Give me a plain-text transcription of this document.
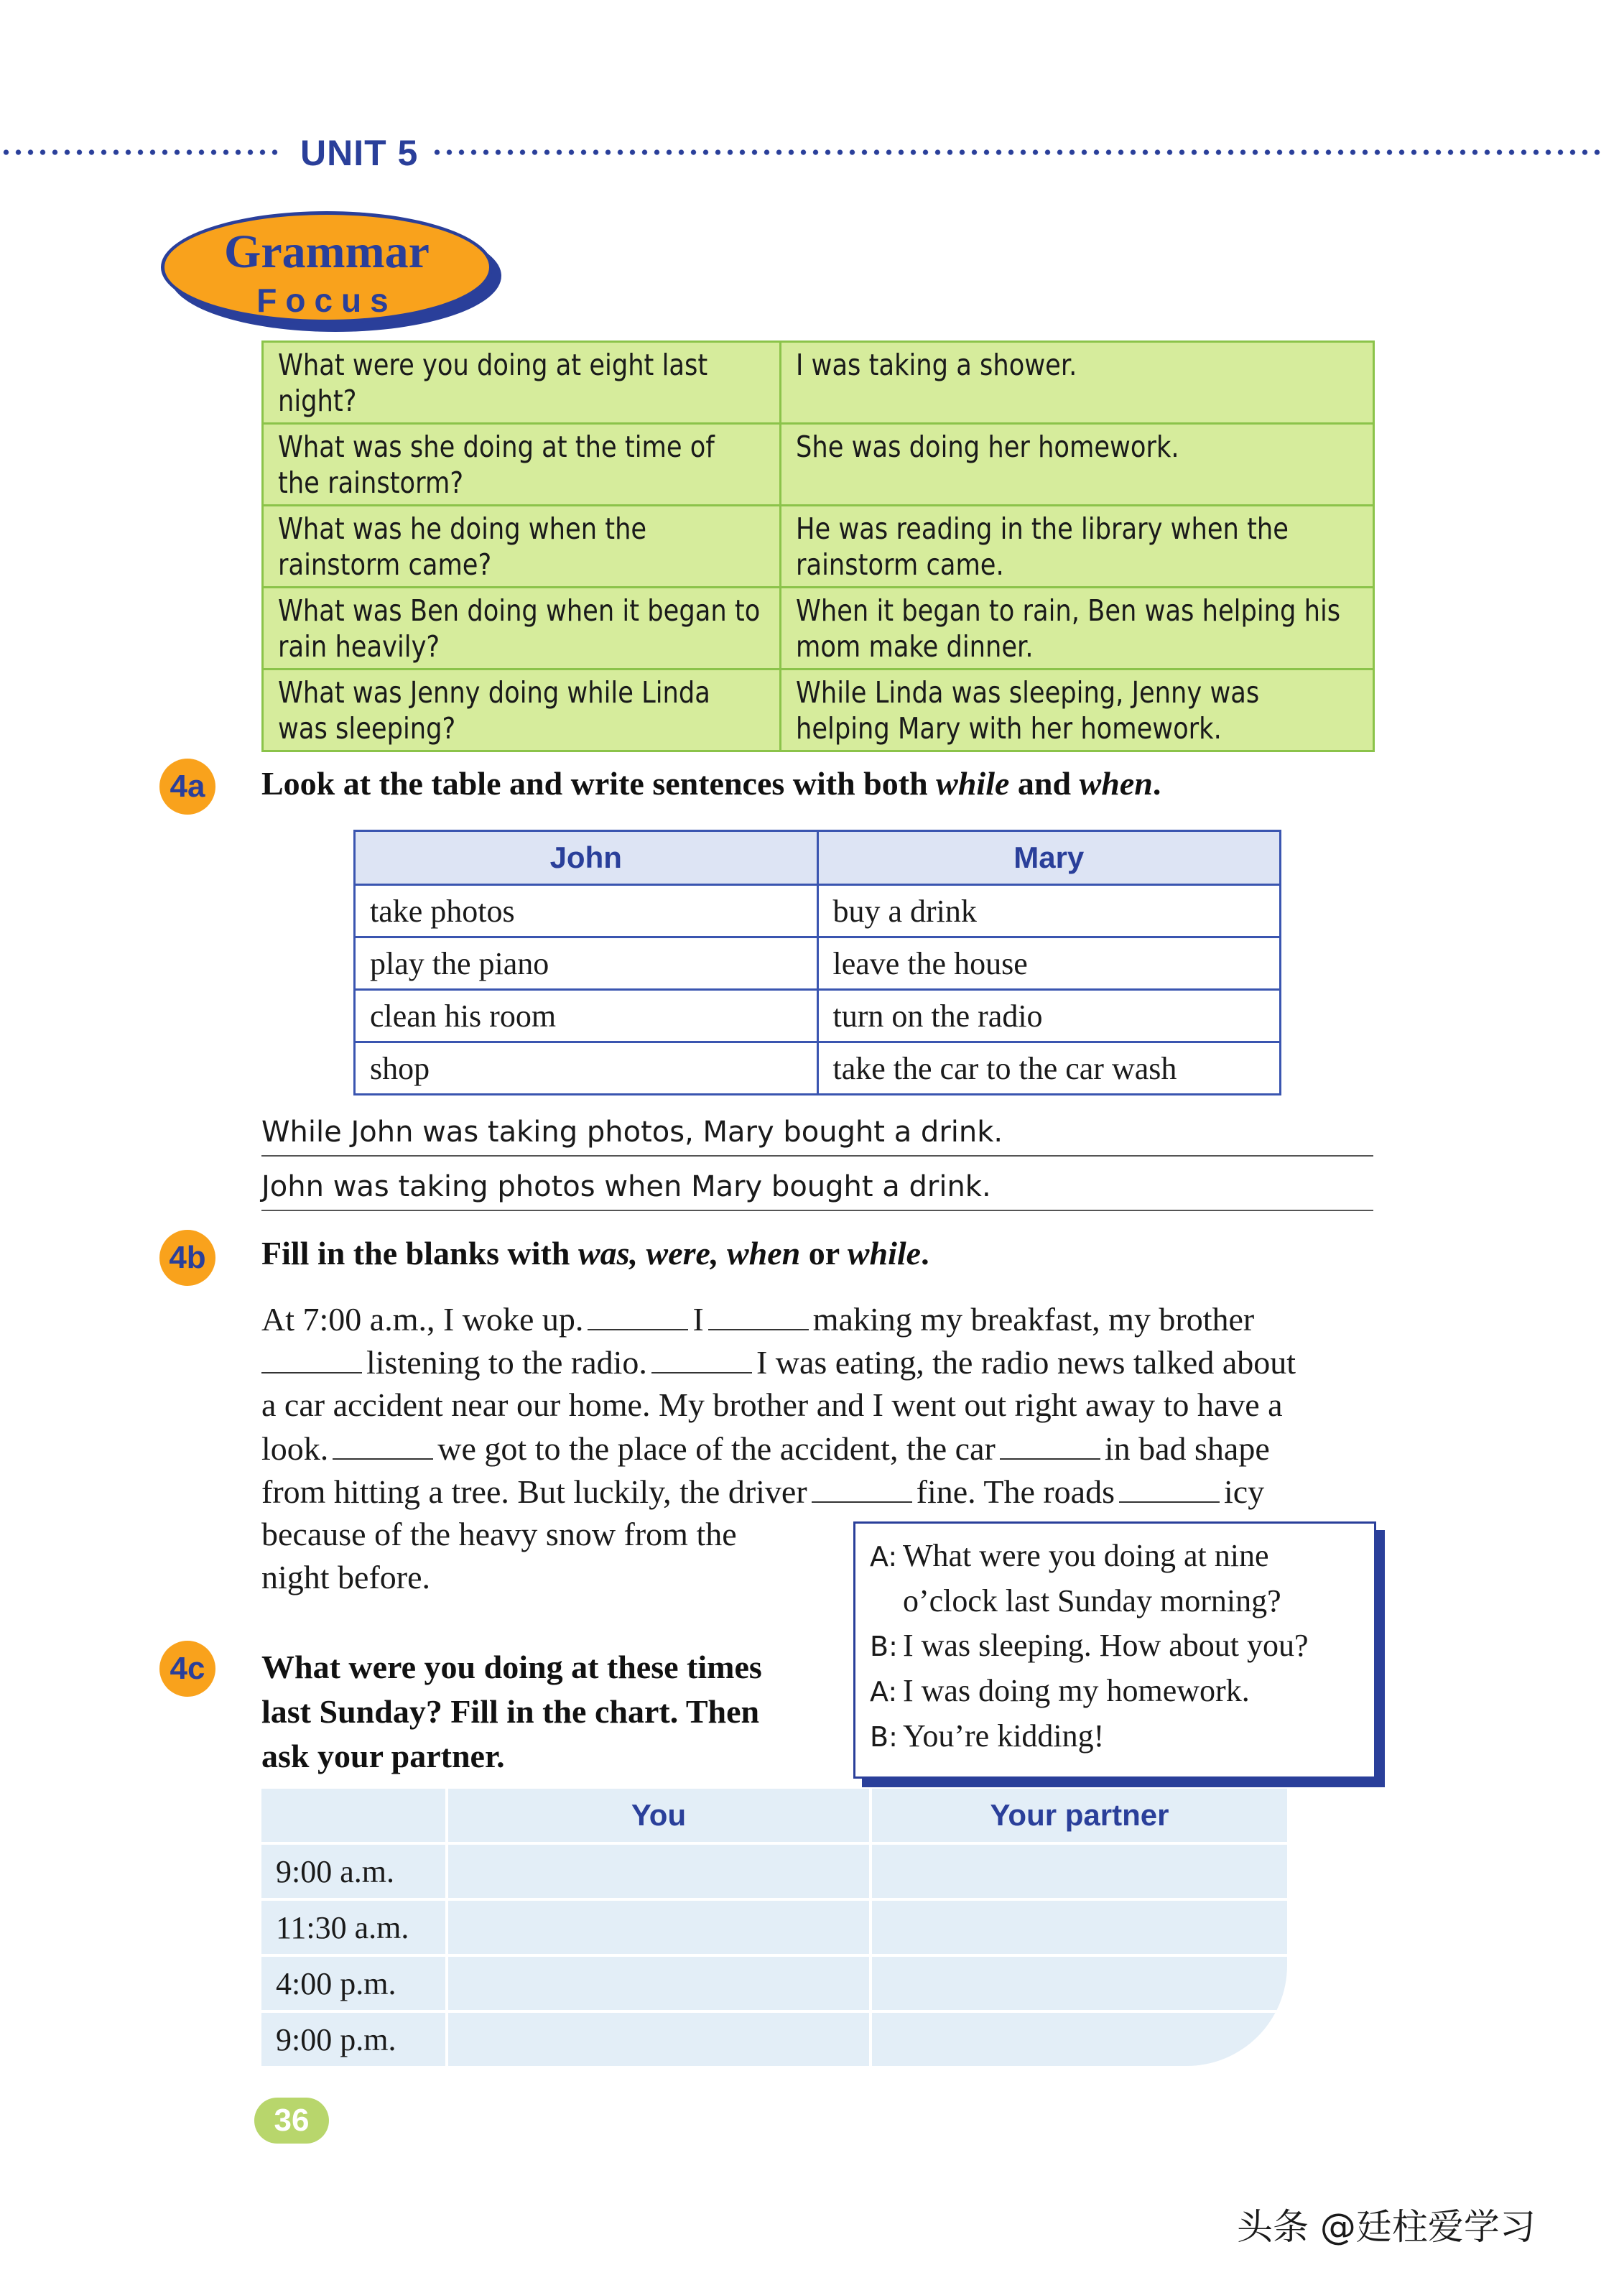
UNIT 5
Grammar
Focus
What were you doing at eight last night?	I was taking a shower.
What was she doing at the time of the rainstorm?	She was doing her homework.
What was he doing when the rainstorm came?	He was reading in the library when the rainstorm came.
What was Ben doing when it began to rain heavily?	When it began to rain, Ben was helping his mom make dinner.
What was Jenny doing while Linda was sleeping?	While Linda was sleeping, Jenny was helping Mary with her homework.
4a	Look at the table and write sentences with both while and when.
John	Mary
take photos	buy a drink
play the piano	leave the house
clean his room	turn on the radio
shop	take the car to the car wash
While John was taking photos, Mary bought a drink.
John was taking photos when Mary bought a drink.
4b Fill in the blanks with was, were, when or while.
At 7:00 a.m., I woke up.	I	making my breakfast, my brother
listening to the radio.	I was eating, the radio news talked about
a car accident near our home. My brother and I went out right away to have a
look.	we got to the place of the accident, the car	in bad shape
from hitting a tree. But luckily, the driver	fine. The roads	icy
because of the heavy snow from the
night before.
A: What were you doing at nine
o’clock last Sunday morning?
B: I was sleeping. How about you?
A: I was doing my homework.
B: You’re kidding!
4c	What were you doing at these times
last Sunday? Fill in the chart. Then
ask your partner.
	You	Your partner
9:00 a.m.		
11:30 a.m.		
4:00 p.m.		
9:00 p.m.		
36
头条 @廷柱爱学习
